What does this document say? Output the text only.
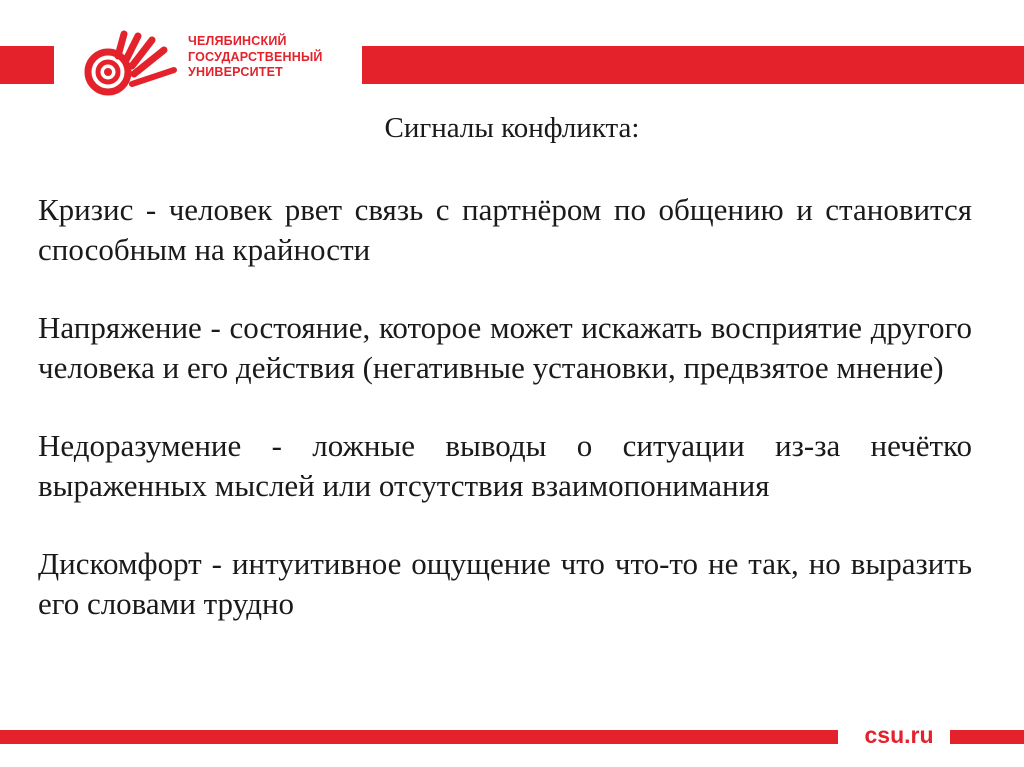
ЧЕЛЯБИНСКИЙ
ГОСУДАРСТВЕННЫЙ
УНИВЕРСИТЕТ
Сигналы конфликта:

Кризис - человек рвет связь с партнёром по общению и становится способным на крайности

Напряжение - состояние, которое может искажать восприятие другого человека и его действия (негативные установки, предвзятое мнение)

Недоразумение - ложные выводы о ситуации из-за нечётко выраженных мыслей или отсутствия взаимопонимания

Дискомфорт - интуитивное ощущение что что-то не так, но выразить его словами трудно

csu.ru
